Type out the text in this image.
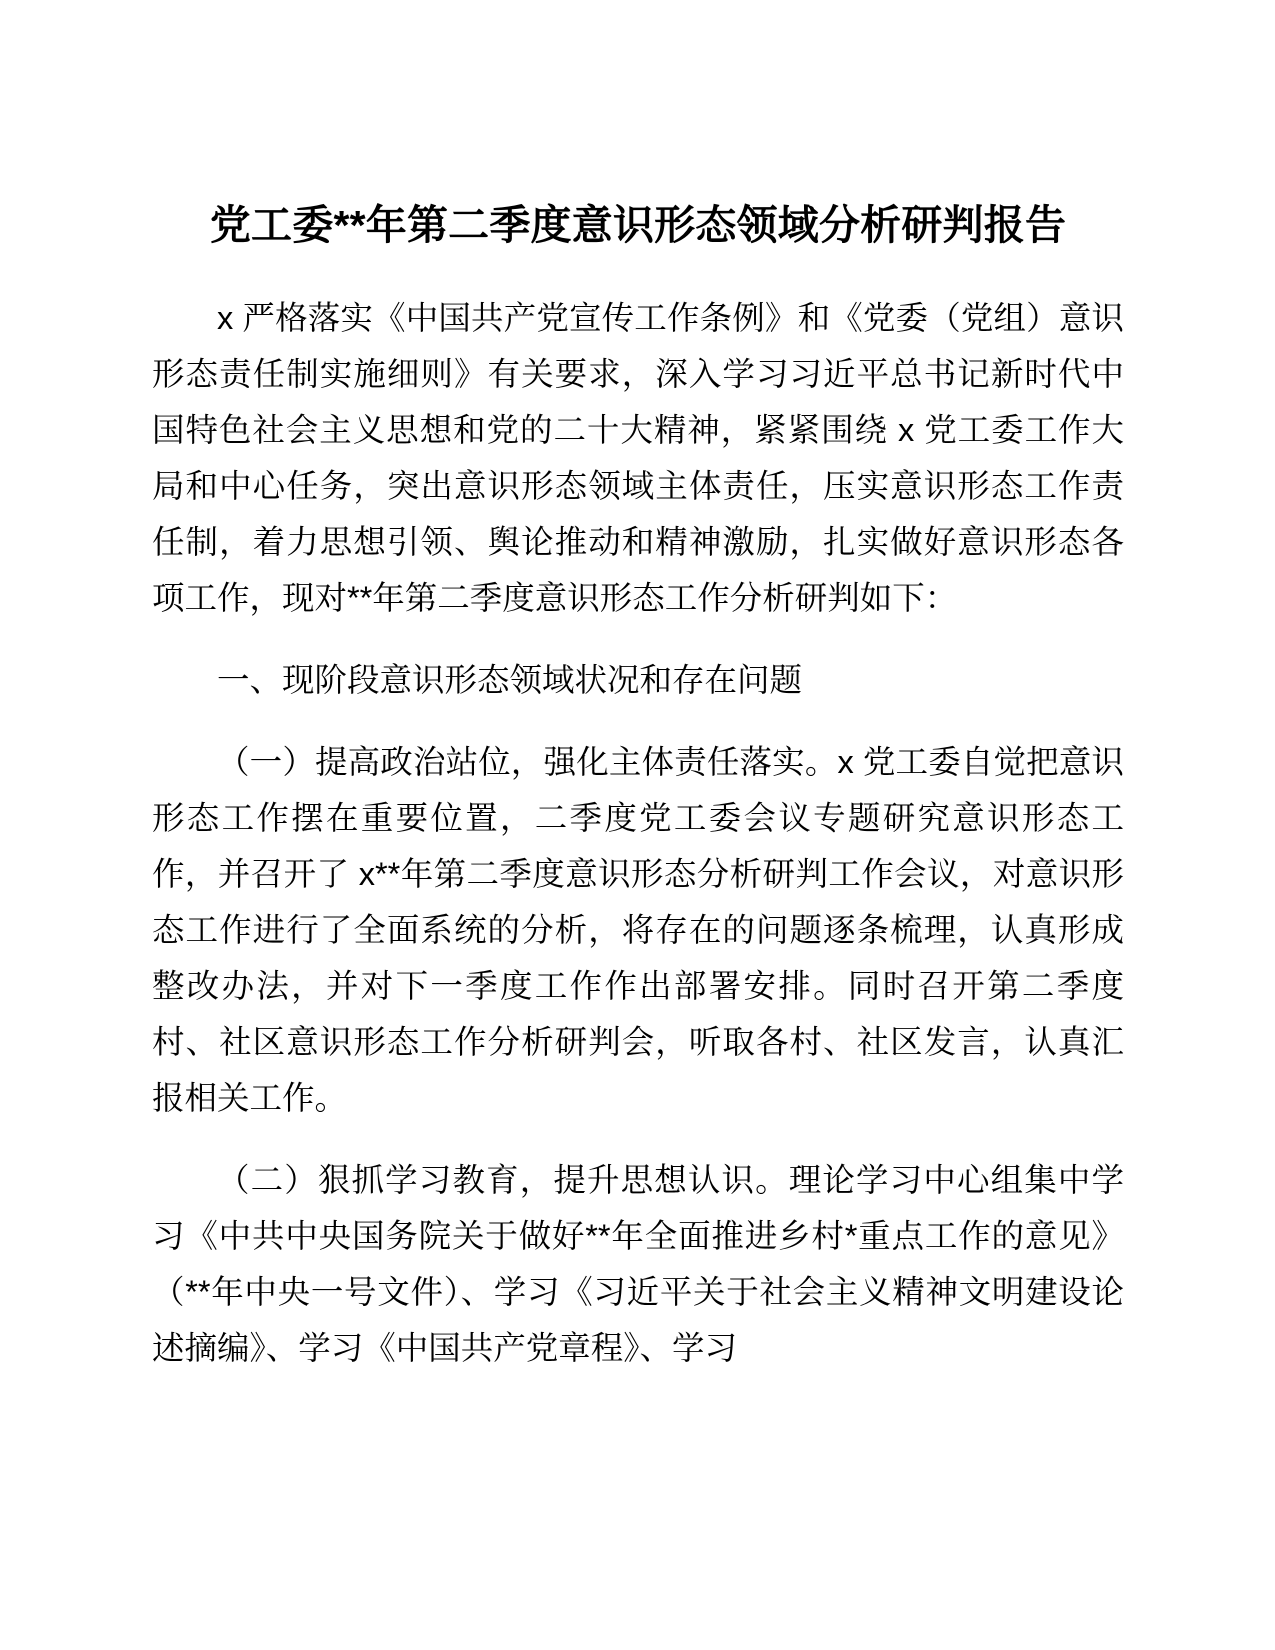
党工委**年第二季度意识形态领域分析研判报告

x 严格落实《中国共产党宣传工作条例》和《党委（党组）意识形态责任制实施细则》有关要求，深入学习习近平总书记新时代中国特色社会主义思想和党的二十大精神，紧紧围绕 x 党工委工作大局和中心任务，突出意识形态领域主体责任，压实意识形态工作责任制，着力思想引领、舆论推动和精神激励，扎实做好意识形态各项工作，现对**年第二季度意识形态工作分析研判如下：

一、现阶段意识形态领域状况和存在问题

（一）提高政治站位，强化主体责任落实。x 党工委自觉把意识形态工作摆在重要位置，二季度党工委会议专题研究意识形态工作，并召开了 x**年第二季度意识形态分析研判工作会议，对意识形态工作进行了全面系统的分析，将存在的问题逐条梳理，认真形成整改办法，并对下一季度工作作出部署安排。同时召开第二季度村、社区意识形态工作分析研判会，听取各村、社区发言，认真汇报相关工作。

（二）狠抓学习教育，提升思想认识。理论学习中心组集中学习《中共中央国务院关于做好**年全面推进乡村*重点工作的意见》（**年中央一号文件）、学习《习近平关于社会主义精神文明建设论述摘编》、学习《中国共产党章程》、学习
